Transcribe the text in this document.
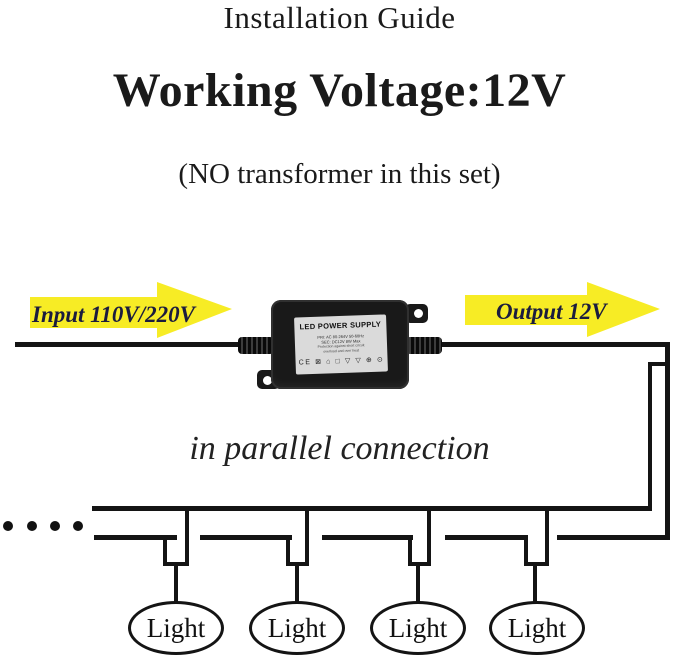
Installation Guide
Working Voltage:12V
(NO transformer in this set)
Input 110V/220V	Output 12V
LED POWER SUPPLY
PRI: AC 80-264V 50-60Hz
SEC: DC12V 8W Max
Protection against short circuit
overload and over heat
CE ⊠ ⌂ □ ▽ ▽ ⊕ ⊙
in parallel connection
Light Light Light Light
